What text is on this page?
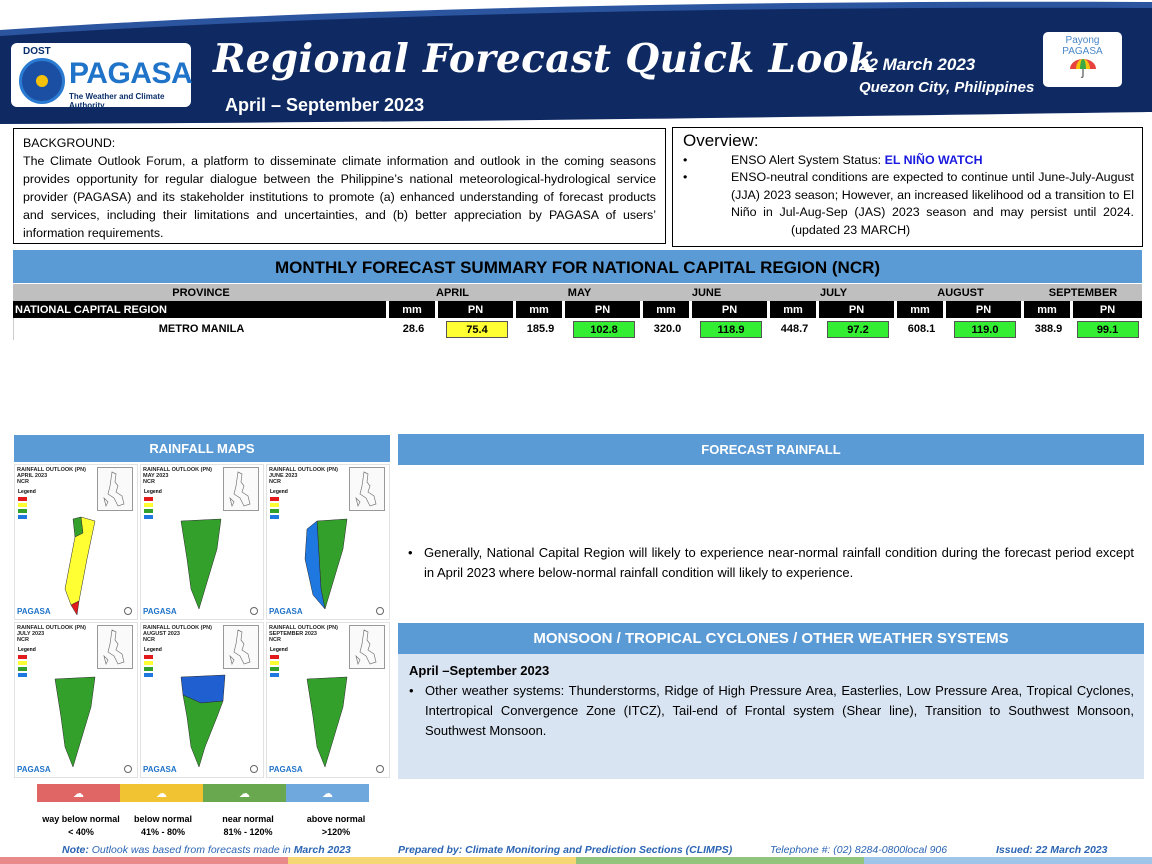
DOST
PAGASA
The Weather and Climate Authority
Regional Forecast Quick Look
April – September 2023
22 March 2023
Quezon City, Philippines
Payong
PAGASA
BACKGROUND:
The Climate Outlook Forum, a platform to disseminate climate information and outlook in the coming seasons provides opportunity for regular dialogue between the Philippine’s national meteorological-hydrological service provider (PAGASA) and its stakeholder institutions to promote (a) enhanced understanding of forecast products and services, including their limitations and uncertainties, and (b) better appreciation by PAGASA of users’ information requirements.
Overview:
• ENSO Alert System Status: EL NIÑO WATCH
• ENSO-neutral conditions are expected to continue until June-July-August (JJA) 2023 season; However, an increased likelihood od a transition to El Niño in Jul-Aug-Sep (JAS) 2023 season and may persist until 2024.(updated 23 MARCH)
MONTHLY FORECAST SUMMARY FOR NATIONAL CAPITAL REGION (NCR)
PROVINCE	APRIL		MAY		JUNE		JULY		AUGUST		SEPTEMBER	
NATIONAL CAPITAL REGION	mm	PN	mm	PN	mm	PN	mm	PN	mm	PN	mm	PN
METRO MANILA	28.6	75.4	185.9	102.8	320.0	118.9	448.7	97.2	608.1	119.0	388.9	99.1
RAINFALL MAPS
RAINFALL OUTLOOK (PN)
APRIL 2023
NCR
Legend
PAGASA
RAINFALL OUTLOOK (PN)
MAY 2023
NCR
Legend
PAGASA
RAINFALL OUTLOOK (PN)
JUNE 2023
NCR
Legend
PAGASA
RAINFALL OUTLOOK (PN)
JULY 2023
NCR
Legend
PAGASA
RAINFALL OUTLOOK (PN)
AUGUST 2023
NCR
Legend
PAGASA
RAINFALL OUTLOOK (PN)
SEPTEMBER 2023
NCR
Legend
PAGASA
☁	☁	☁	☁
FORECAST RAINFALL
• Generally, National Capital Region will likely to experience near-normal rainfall condition during the forecast period except in April 2023 where below-normal rainfall condition will likely to experience.
MONSOON / TROPICAL CYCLONES / OTHER WEATHER SYSTEMS
April –September 2023
• Other weather systems: Thunderstorms, Ridge of High Pressure Area, Easterlies, Low Pressure Area, Tropical Cyclones, Intertropical Convergence Zone (ITCZ), Tail-end of Frontal system (Shear line), Transition to Southwest Monsoon, Southwest Monsoon.
Note: Outlook was based from forecasts made in March 2023	Prepared by: Climate Monitoring and Prediction Sections (CLIMPS)	Telephone #: (02) 8284-0800local 906	Issued: 22 March 2023
way below normal
< 40%
below normal
41% - 80%
near normal
81% - 120%
above normal
>120%
